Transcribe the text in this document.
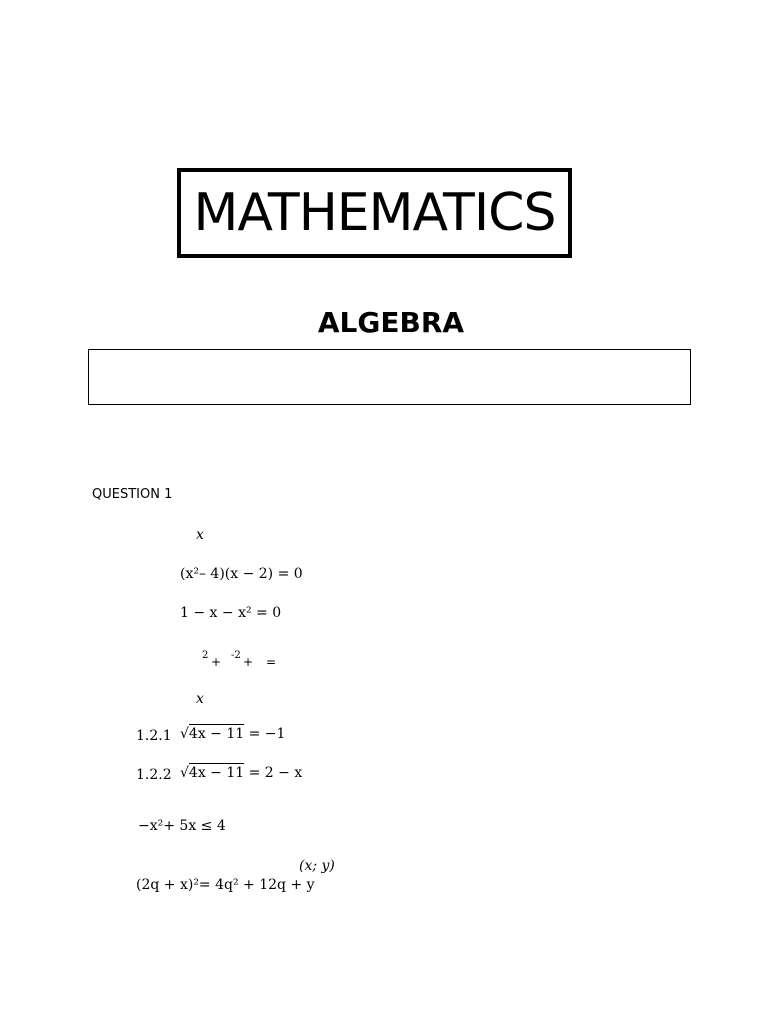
MATHEMATICS
ALGEBRA
QUESTION 1
x
(x²– 4)(x − 2) = 0
1 − x − x² = 0
2 + -2 + =
x
1.2.1 √4x − 11 = −1
1.2.2 √4x − 11 = 2 − x
−x²+ 5x ≤ 4
(x; y)
(2q + x)²= 4q² + 12q + y
